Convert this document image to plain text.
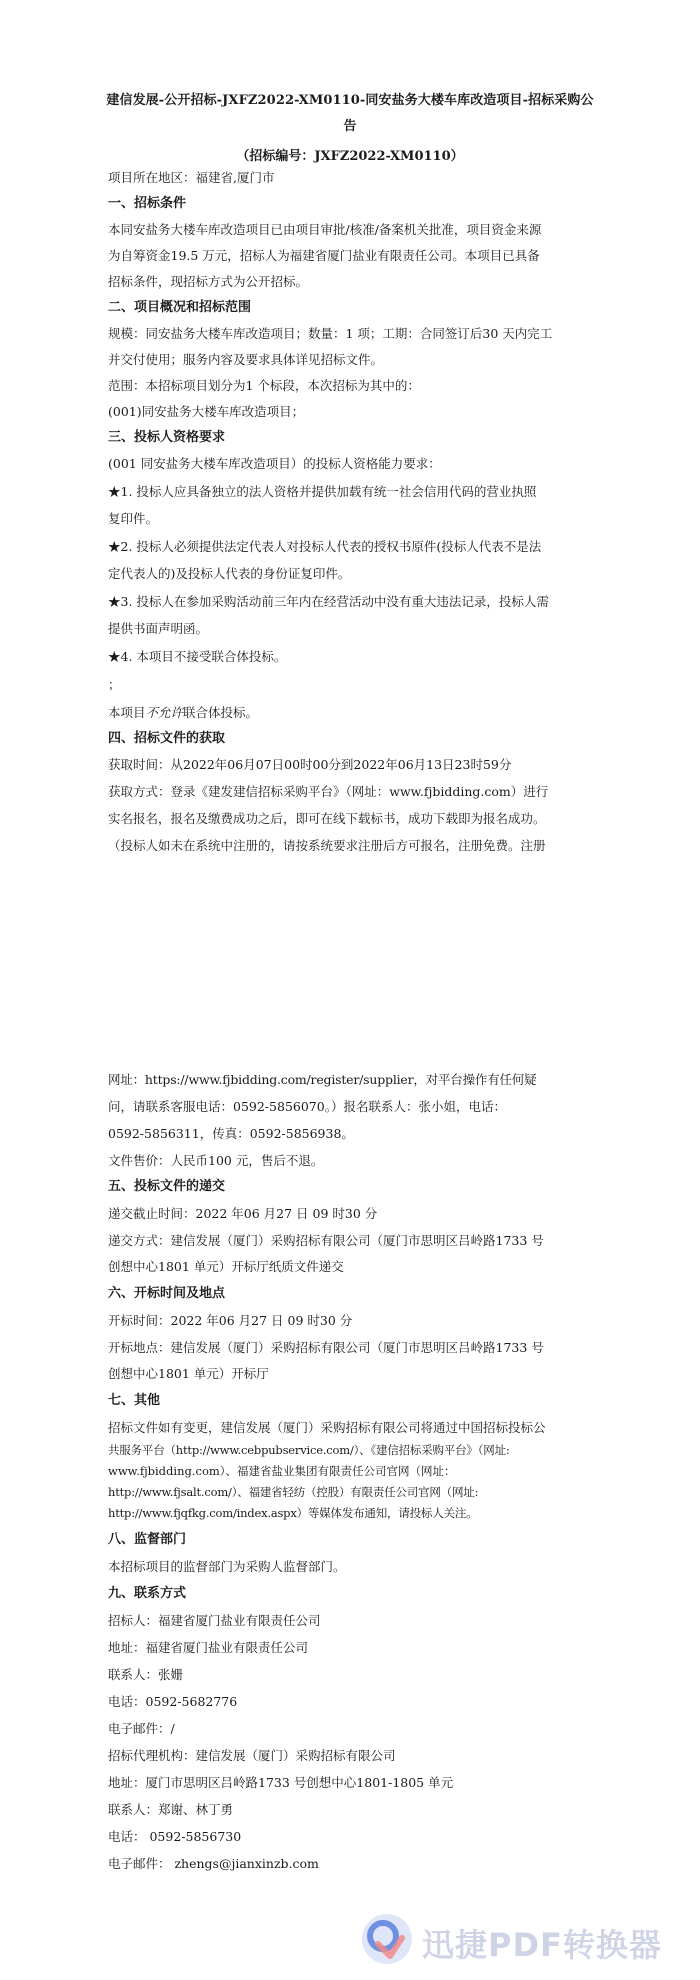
建信发展-公开招标-JXFZ2022-XM0110-同安盐务大楼车库改造项目-招标采购公
告
（招标编号：JXFZ2022-XM0110）
项目所在地区：福建省,厦门市
一、招标条件
本同安盐务大楼车库改造项目已由项目审批/核准/备案机关批准，项目资金来源
为自筹资金19.5 万元，招标人为福建省厦门盐业有限责任公司。本项目已具备
招标条件，现招标方式为公开招标。
二、项目概况和招标范围
规模：同安盐务大楼车库改造项目；数量：1 项；工期：合同签订后30 天内完工
并交付使用；服务内容及要求具体详见招标文件。
范围：本招标项目划分为1 个标段，本次招标为其中的：
(001)同安盐务大楼车库改造项目；
三、投标人资格要求
(001 同安盐务大楼车库改造项目）的投标人资格能力要求：
★1. 投标人应具备独立的法人资格并提供加载有统一社会信用代码的营业执照
复印件。
★2. 投标人必须提供法定代表人对投标人代表的授权书原件(投标人代表不是法
定代表人的)及投标人代表的身份证复印件。
★3. 投标人在参加采购活动前三年内在经营活动中没有重大违法记录，投标人需
提供书面声明函。
★4. 本项目不接受联合体投标。
；
本项目不允许联合体投标。
四、招标文件的获取
获取时间：从2022年06月07日00时00分到2022年06月13日23时59分
获取方式：登录《建发建信招标采购平台》（网址：www.fjbidding.com）进行
实名报名，报名及缴费成功之后，即可在线下载标书，成功下载即为报名成功。
（投标人如未在系统中注册的，请按系统要求注册后方可报名，注册免费。注册
网址：https://www.fjbidding.com/register/supplier，对平台操作有任何疑
问，请联系客服电话：0592-5856070。）报名联系人：张小姐，电话：
0592-5856311，传真：0592-5856938。
文件售价：人民币100 元，售后不退。
五、投标文件的递交
递交截止时间：2022 年06 月27 日 09 时30 分
递交方式：建信发展（厦门）采购招标有限公司（厦门市思明区吕岭路1733 号
创想中心1801 单元）开标厅纸质文件递交
六、开标时间及地点
开标时间：2022 年06 月27 日 09 时30 分
开标地点：建信发展（厦门）采购招标有限公司（厦门市思明区吕岭路1733 号
创想中心1801 单元）开标厅
七、其他
招标文件如有变更，建信发展（厦门）采购招标有限公司将通过中国招标投标公
共服务平台（http://www.cebpubservice.com/）、《建信招标采购平台》（网址:
www.fjbidding.com）、福建省盐业集团有限责任公司官网（网址：
http://www.fjsalt.com/）、福建省轻纺（控股）有限责任公司官网（网址:
http://www.fjqfkg.com/index.aspx）等媒体发布通知，请投标人关注。
八、监督部门
本招标项目的监督部门为采购人监督部门。
九、联系方式
招标人：福建省厦门盐业有限责任公司
地址：福建省厦门盐业有限责任公司
联系人：张姗
电话：0592-5682776
电子邮件：/
招标代理机构：建信发展（厦门）采购招标有限公司
地址：厦门市思明区吕岭路1733 号创想中心1801-1805 单元
联系人：郑谢、林丁勇
电话： 0592-5856730
电子邮件： zhengs@jianxinzb.com
迅捷PDF转换器
